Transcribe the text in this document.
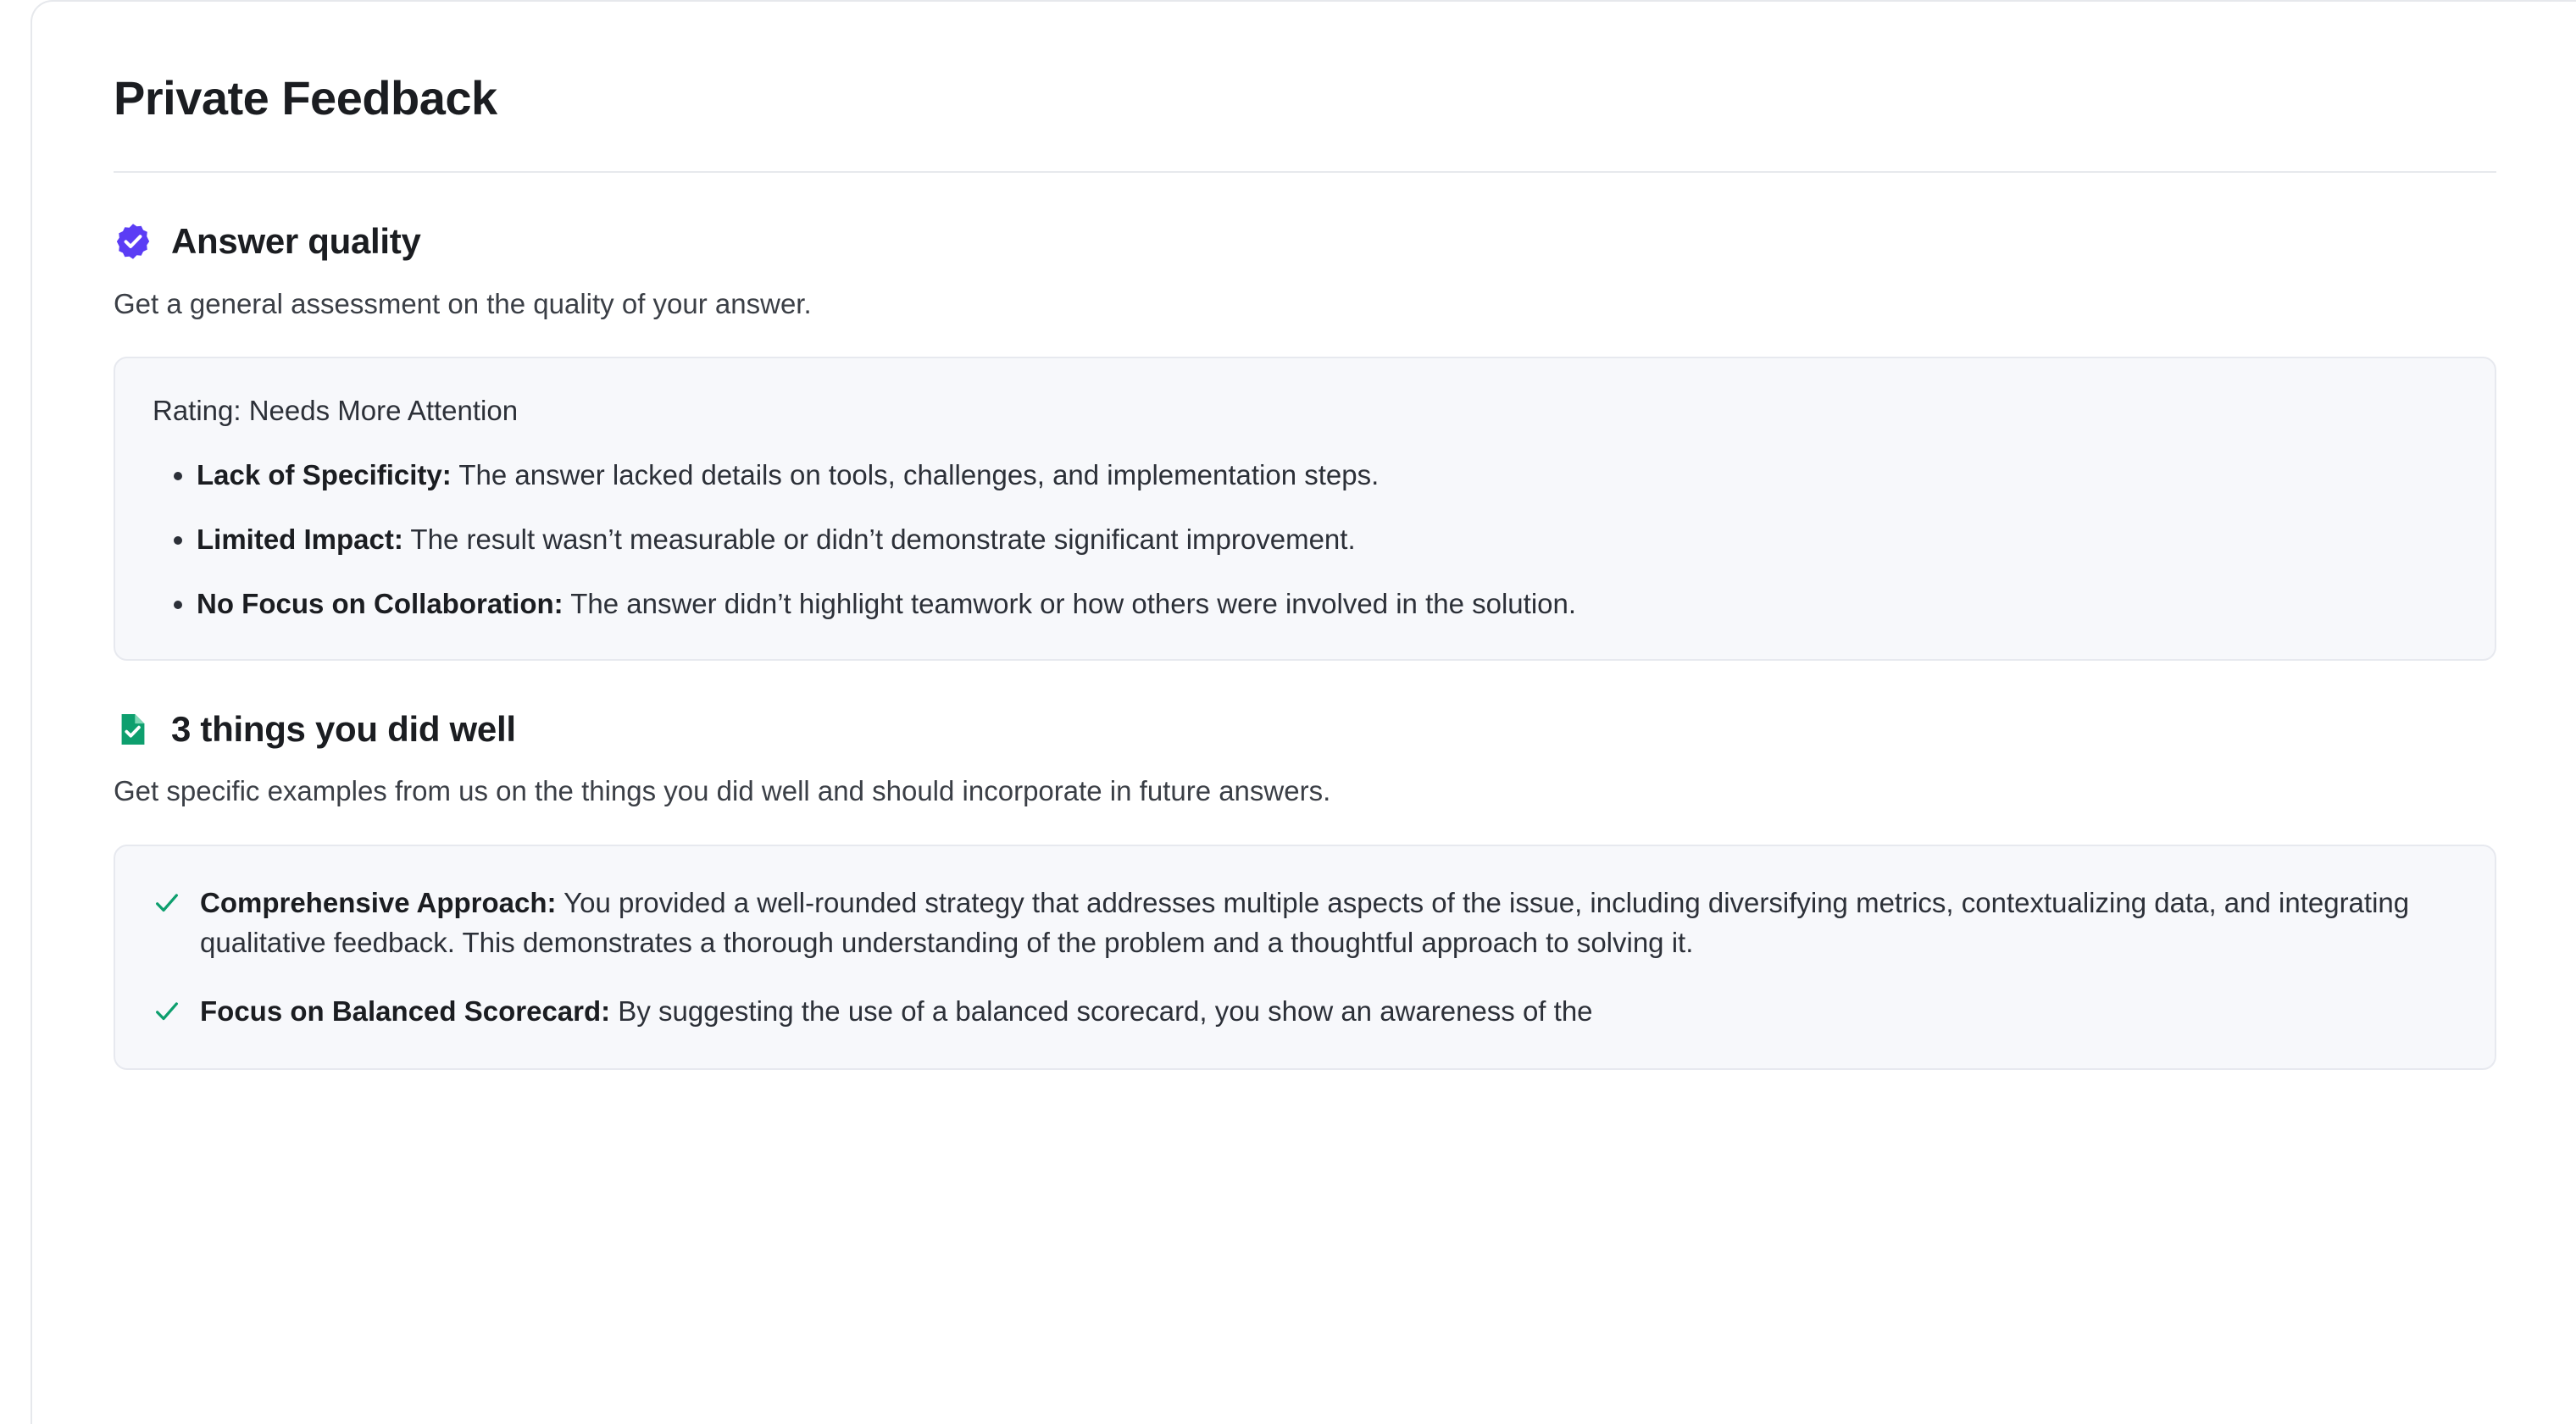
Private Feedback
Answer quality
Get a general assessment on the quality of your answer.
Rating: Needs More Attention
• Lack of Specificity: The answer lacked details on tools, challenges, and implementation steps.
• Limited Impact: The result wasn’t measurable or didn’t demonstrate significant improvement.
• No Focus on Collaboration: The answer didn’t highlight teamwork or how others were involved in the solution.
3 things you did well
Get specific examples from us on the things you did well and should incorporate in future answers.
Comprehensive Approach: You provided a well-rounded strategy that addresses multiple aspects of the issue, including diversifying metrics, contextualizing data, and integrating qualitative feedback. This demonstrates a thorough understanding of the problem and a thoughtful approach to solving it.
Focus on Balanced Scorecard: By suggesting the use of a balanced scorecard, you show an awareness of the
